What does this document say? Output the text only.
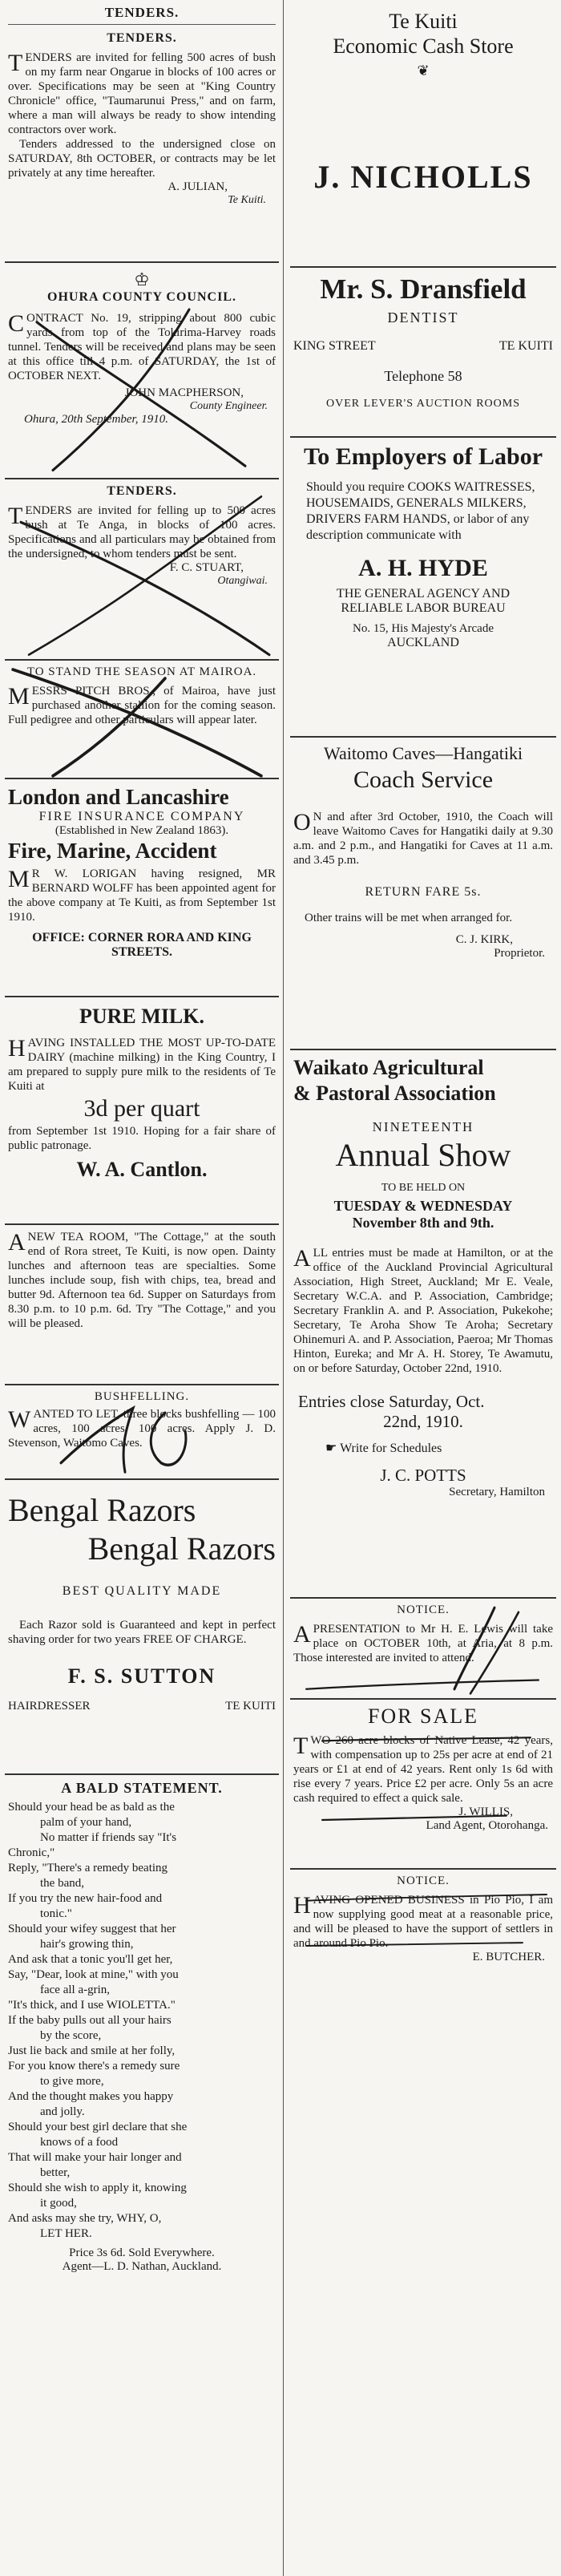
TENDERS.
TENDERS.
T ENDERS are invited for felling 500 acres of bush on my farm near Ongarue in blocks of 100 acres or over. Specifications may be seen at "King Country Chronicle" office, "Taumarunui Press," and on farm, where a man will always be ready to show intending contractors over work.
Tenders addressed to the undersigned close on SATURDAY, 8th OCTOBER, or contracts may be let privately at any time hereafter.
A. JULIAN,
Te Kuiti.
♔
OHURA COUNTY COUNCIL.
C ONTRACT No. 19, stripping about 800 cubic yards from top of the Tokirima-Harvey roads tunnel. Tenders will be received and plans may be seen at this office till 4 p.m. of SATURDAY, the 1st of OCTOBER NEXT.
JOHN MACPHERSON,
County Engineer.
Ohura, 20th September, 1910.
TENDERS.
T ENDERS are invited for felling up to 500 acres bush at Te Anga, in blocks of 100 acres. Specifications and all particulars may be obtained from the undersigned, to whom tenders must be sent.
F. C. STUART,
Otangiwai.
TO STAND THE SEASON AT MAIROA.
M ESSRS PITCH BROS., of Mairoa, have just purchased another stallion for the coming season. Full pedigree and other particulars will appear later.
London and Lancashire
FIRE INSURANCE COMPANY
(Established in New Zealand 1863).
Fire, Marine, Accident
M R W. LORIGAN having resigned, MR BERNARD WOLFF has been appointed agent for the above company at Te Kuiti, as from September 1st 1910.
OFFICE: CORNER RORA AND KING STREETS.
PURE MILK.
H AVING INSTALLED THE MOST UP-TO-DATE DAIRY (machine milking) in the King Country, I am prepared to supply pure milk to the residents of Te Kuiti at
3d per quart
from September 1st 1910. Hoping for a fair share of public patronage.
W. A. Cantlon.
A NEW TEA ROOM, "The Cottage," at the south end of Rora street, Te Kuiti, is now open. Dainty lunches and afternoon teas are specialties. Some lunches include soup, fish with chips, tea, bread and butter 9d. Afternoon tea 6d. Supper on Saturdays from 8.30 p.m. to 10 p.m. 6d. Try "The Cottage," and you will be pleased.
BUSHFELLING.
W ANTED TO LET, three blocks bushfelling — 100 acres, 100 acres, 100 acres. Apply J. D. Stevenson, Waitomo Caves.
Bengal Razors
Bengal Razors
BEST QUALITY MADE
Each Razor sold is Guaranteed and kept in perfect shaving order for two years FREE OF CHARGE.
F. S. SUTTON
HAIRDRESSER	TE KUITI
A BALD STATEMENT.

Should your head be as bald as the

palm of your hand,

No matter if friends say "It's

Chronic,"

Reply, "There's a remedy beating

the band,

If you try the new hair-food and

tonic."

Should your wifey suggest that her

hair's growing thin,

And ask that a tonic you'll get her,

Say, "Dear, look at mine," with you

face all a-grin,

"It's thick, and I use WIOLETTA."

If the baby pulls out all your hairs

by the score,

Just lie back and smile at her folly,

For you know there's a remedy sure

to give more,

And the thought makes you happy

and jolly.

Should your best girl declare that she

knows of a food

That will make your hair longer and

better,

Should she wish to apply it, knowing

it good,

And asks may she try, WHY, O,

LET HER.

Price 3s 6d. Sold Everywhere.
Agent—L. D. Nathan, Auckland.
Te Kuiti
Economic Cash Store
❦
J. NICHOLLS
Mr. S. Dransfield
DENTIST
KING STREET	TE KUITI
Telephone 58
OVER LEVER'S AUCTION ROOMS
To Employers of Labor
Should you require COOKS WAITRESSES, HOUSEMAIDS, GENERALS MILKERS, DRIVERS FARM HANDS, or labor of any description communicate with
A. H. HYDE
THE GENERAL AGENCY AND
RELIABLE LABOR BUREAU
No. 15, His Majesty's Arcade
AUCKLAND
Waitomo Caves—Hangatiki
Coach Service
O N and after 3rd October, 1910, the Coach will leave Waitomo Caves for Hangatiki daily at 9.30 a.m. and 2 p.m., and Hangatiki for Caves at 11 a.m. and 3.45 p.m.
RETURN FARE 5s.
Other trains will be met when arranged for.
C. J. KIRK,
Proprietor.
Waikato Agricultural
& Pastoral Association
NINETEENTH
Annual Show
TO BE HELD ON
TUESDAY & WEDNESDAY
November 8th and 9th.
A LL entries must be made at Hamilton, or at the office of the Auckland Provincial Agricultural Association, High Street, Auckland; Mr E. Veale, Secretary W.C.A. and P. Association, Cambridge; Secretary Franklin A. and P. Association, Pukekohe; Secretary, Te Aroha Show Te Aroha; Secretary Ohinemuri A. and P. Association, Paeroa; Mr Thomas Hinton, Eureka; and Mr A. H. Storey, Te Awamutu, on or before Saturday, October 22nd, 1910.
Entries close Saturday, Oct.
22nd, 1910.
☛ Write for Schedules
J. C. POTTS
Secretary, Hamilton
NOTICE.
A PRESENTATION to Mr H. E. Lewis will take place on OCTOBER 10th, at Aria, at 8 p.m. Those interested are invited to attend.
FOR SALE
T WO 260 acre blocks of Native Lease, 42 years, with compensation up to 25s per acre at end of 21 years or £1 at end of 42 years. Rent only 1s 6d with rise every 7 years. Price £2 per acre. Only 5s an acre cash required to effect a quick sale.
J. WILLIS,
Land Agent, Otorohanga.
NOTICE.
H AVING OPENED BUSINESS in Pio Pio, I am now supplying good meat at a reasonable price, and will be pleased to have the support of settlers in and around Pio Pio.
E. BUTCHER.
